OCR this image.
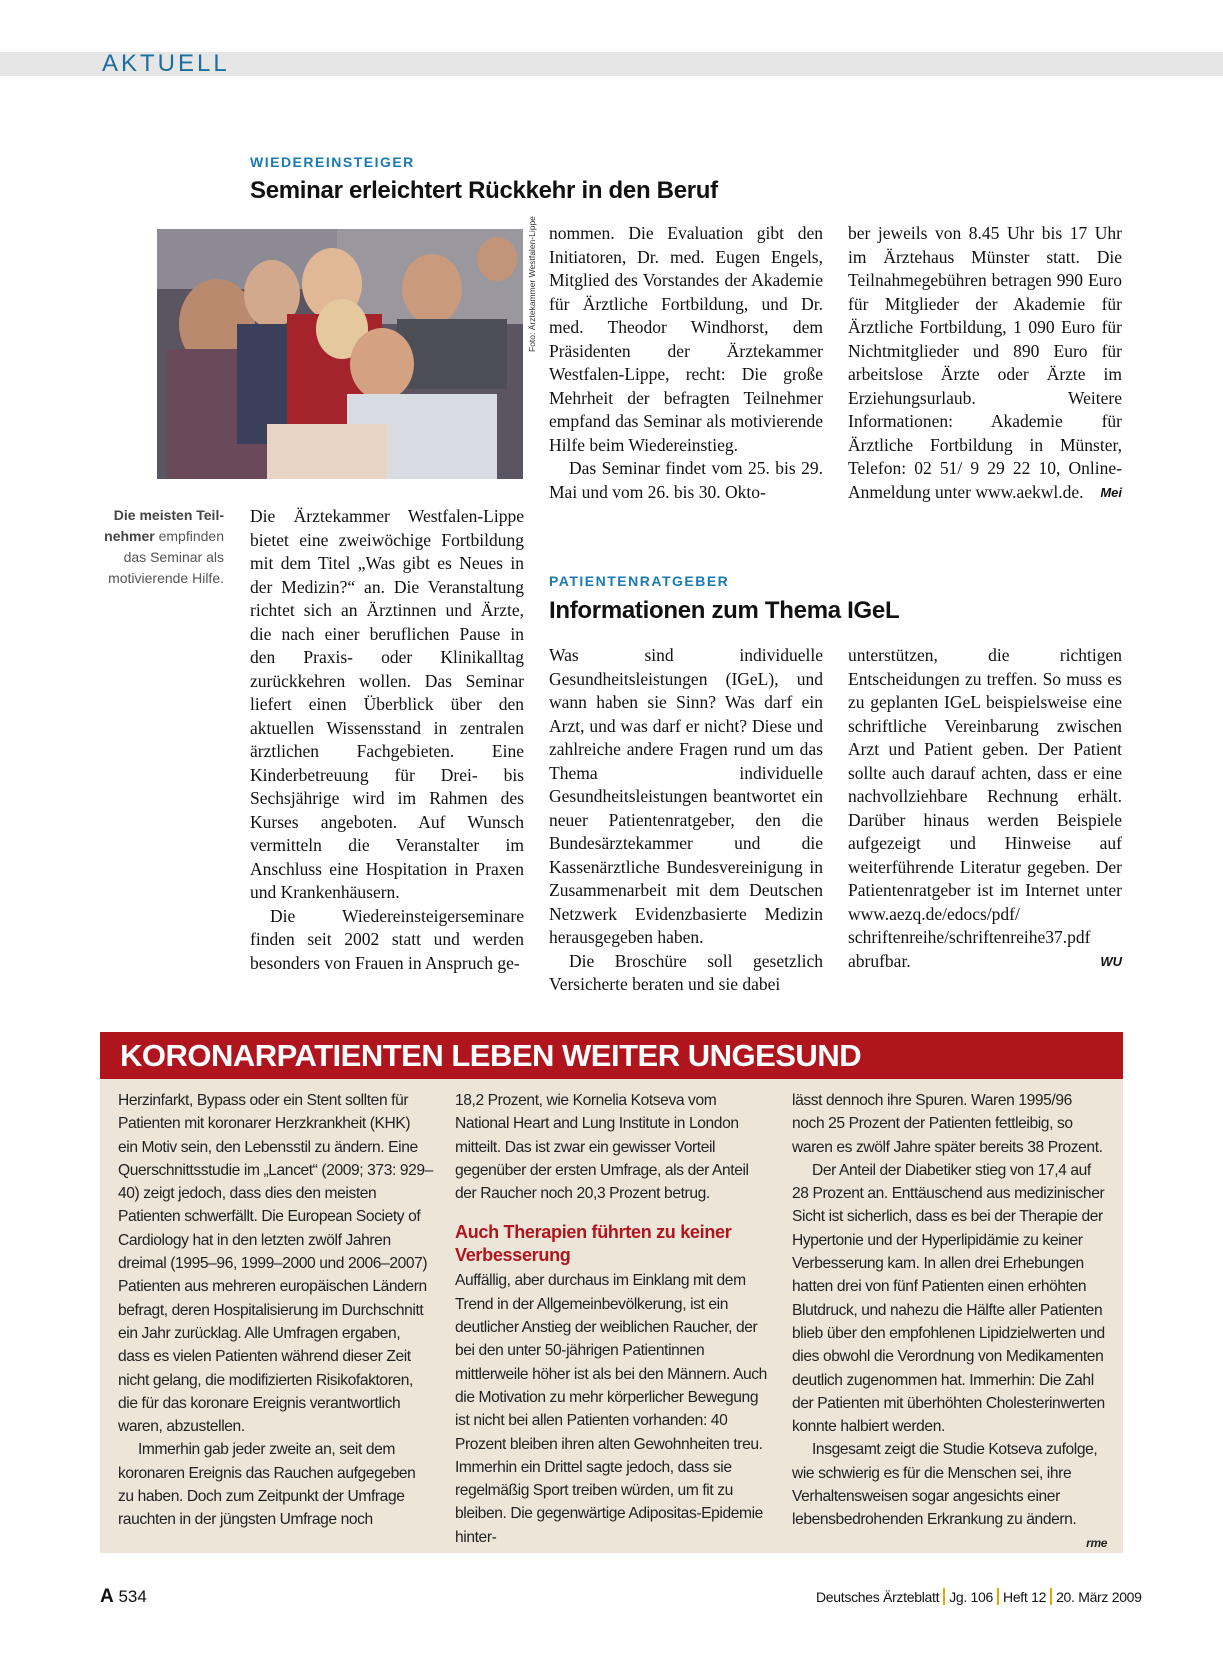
AKTUELL
WIEDEREINSTEIGER
Seminar erleichtert Rückkehr in den Beruf
Foto: Ärztekammer Westfalen-Lippe
Die meisten Teil-nehmer empfinden das Seminar als motivierende Hilfe.

Die Ärztekammer Westfalen-Lippe bietet eine zweiwöchige Fortbildung mit dem Titel „Was gibt es Neues in der Medizin?“ an. Die Veranstaltung richtet sich an Ärztinnen und Ärzte, die nach einer beruflichen Pause in den Praxis- oder Klinikalltag zurückkehren wollen. Das Seminar liefert einen Überblick über den aktuellen Wissensstand in zentralen ärztlichen Fachgebieten. Eine Kinderbetreuung für Drei- bis Sechsjährige wird im Rahmen des Kurses angeboten. Auf Wunsch vermitteln die Veranstalter im Anschluss eine Hospitation in Praxen und Krankenhäusern.

Die Wiedereinsteigerseminare finden seit 2002 statt und werden besonders von Frauen in Anspruch ge-

nommen. Die Evaluation gibt den Initiatoren, Dr. med. Eugen Engels, Mitglied des Vorstandes der Akademie für Ärztliche Fortbildung, und Dr. med. Theodor Windhorst, dem Präsidenten der Ärztekammer Westfalen-Lippe, recht: Die große Mehrheit der befragten Teilnehmer empfand das Seminar als motivierende Hilfe beim Wiedereinstieg.

Das Seminar findet vom 25. bis 29. Mai und vom 26. bis 30. Okto-

ber jeweils von 8.45 Uhr bis 17 Uhr im Ärztehaus Münster statt. Die Teilnahmegebühren betragen 990 Euro für Mitglieder der Akademie für Ärztliche Fortbildung, 1 090 Euro für Nichtmitglieder und 890 Euro für arbeitslose Ärzte oder Ärzte im Erziehungsurlaub. Weitere Informationen: Akademie für Ärztliche Fortbildung in Münster, Telefon: 02 51/ 9 29 22 10, Online-Anmeldung unter www.aekwl.de. Mei

PATIENTENRATGEBER
Informationen zum Thema IGeL

Was sind individuelle Gesundheitsleistungen (IGeL), und wann haben sie Sinn? Was darf ein Arzt, und was darf er nicht? Diese und zahlreiche andere Fragen rund um das Thema individuelle Gesundheitsleistungen beantwortet ein neuer Patientenratgeber, den die Bundesärztekammer und die Kassenärztliche Bundesvereinigung in Zusammenarbeit mit dem Deutschen Netzwerk Evidenzbasierte Medizin herausgegeben haben.

Die Broschüre soll gesetzlich Versicherte beraten und sie dabei

unterstützen, die richtigen Entscheidungen zu treffen. So muss es zu geplanten IGeL beispielsweise eine schriftliche Vereinbarung zwischen Arzt und Patient geben. Der Patient sollte auch darauf achten, dass er eine nachvollziehbare Rechnung erhält. Darüber hinaus werden Beispiele aufgezeigt und Hinweise auf weiterführende Literatur gegeben. Der Patientenratgeber ist im Internet unter www.aezq.de/edocs/pdf/ schriftenreihe/schriftenreihe37.pdf abrufbar.	WU

KORONARPATIENTEN LEBEN WEITER UNGESUND

Herzinfarkt, Bypass oder ein Stent sollten für Patienten mit koronarer Herzkrankheit (KHK) ein Motiv sein, den Lebensstil zu ändern. Eine Querschnittsstudie im „Lancet“ (2009; 373: 929–40) zeigt jedoch, dass dies den meisten Patienten schwerfällt. Die European Society of Cardiology hat in den letzten zwölf Jahren dreimal (1995–96, 1999–2000 und 2006–2007) Patienten aus mehreren europäischen Ländern befragt, deren Hospitalisierung im Durchschnitt ein Jahr zurücklag. Alle Umfragen ergaben, dass es vielen Patienten während dieser Zeit nicht gelang, die modifizierten Risikofaktoren, die für das koronare Ereignis verantwortlich waren, abzustellen.

Immerhin gab jeder zweite an, seit dem koronaren Ereignis das Rauchen aufgegeben zu haben. Doch zum Zeitpunkt der Umfrage rauchten in der jüngsten Umfrage noch

18,2 Prozent, wie Kornelia Kotseva vom National Heart and Lung Institute in London mitteilt. Das ist zwar ein gewisser Vorteil gegenüber der ersten Umfrage, als der Anteil der Raucher noch 20,3 Prozent betrug.

Auch Therapien führten zu keiner Verbesserung

Auffällig, aber durchaus im Einklang mit dem Trend in der Allgemeinbevölkerung, ist ein deutlicher Anstieg der weiblichen Raucher, der bei den unter 50-jährigen Patientinnen mittlerweile höher ist als bei den Männern. Auch die Motivation zu mehr körperlicher Bewegung ist nicht bei allen Patienten vorhanden: 40 Prozent bleiben ihren alten Gewohnheiten treu. Immerhin ein Drittel sagte jedoch, dass sie regelmäßig Sport treiben würden, um fit zu bleiben. Die gegenwärtige Adipositas-Epidemie hinter-

lässt dennoch ihre Spuren. Waren 1995/96 noch 25 Prozent der Patienten fettleibig, so waren es zwölf Jahre später bereits 38 Prozent.

Der Anteil der Diabetiker stieg von 17,4 auf 28 Prozent an. Enttäuschend aus medizinischer Sicht ist sicherlich, dass es bei der Therapie der Hypertonie und der Hyperlipidämie zu keiner Verbesserung kam. In allen drei Erhebungen hatten drei von fünf Patienten einen erhöhten Blutdruck, und nahezu die Hälfte aller Patienten blieb über den empfohlenen Lipidzielwerten und dies obwohl die Verordnung von Medikamenten deutlich zugenommen hat. Immerhin: Die Zahl der Patienten mit überhöhten Cholesterinwerten konnte halbiert werden.

Insgesamt zeigt die Studie Kotseva zufolge, wie schwierig es für die Menschen sei, ihre Verhaltensweisen sogar angesichts einer lebensbedrohenden Erkrankung zu ändern.
rme

A 534	Deutsches Ärzteblatt Jg. 106 Heft 12 20. März 2009
